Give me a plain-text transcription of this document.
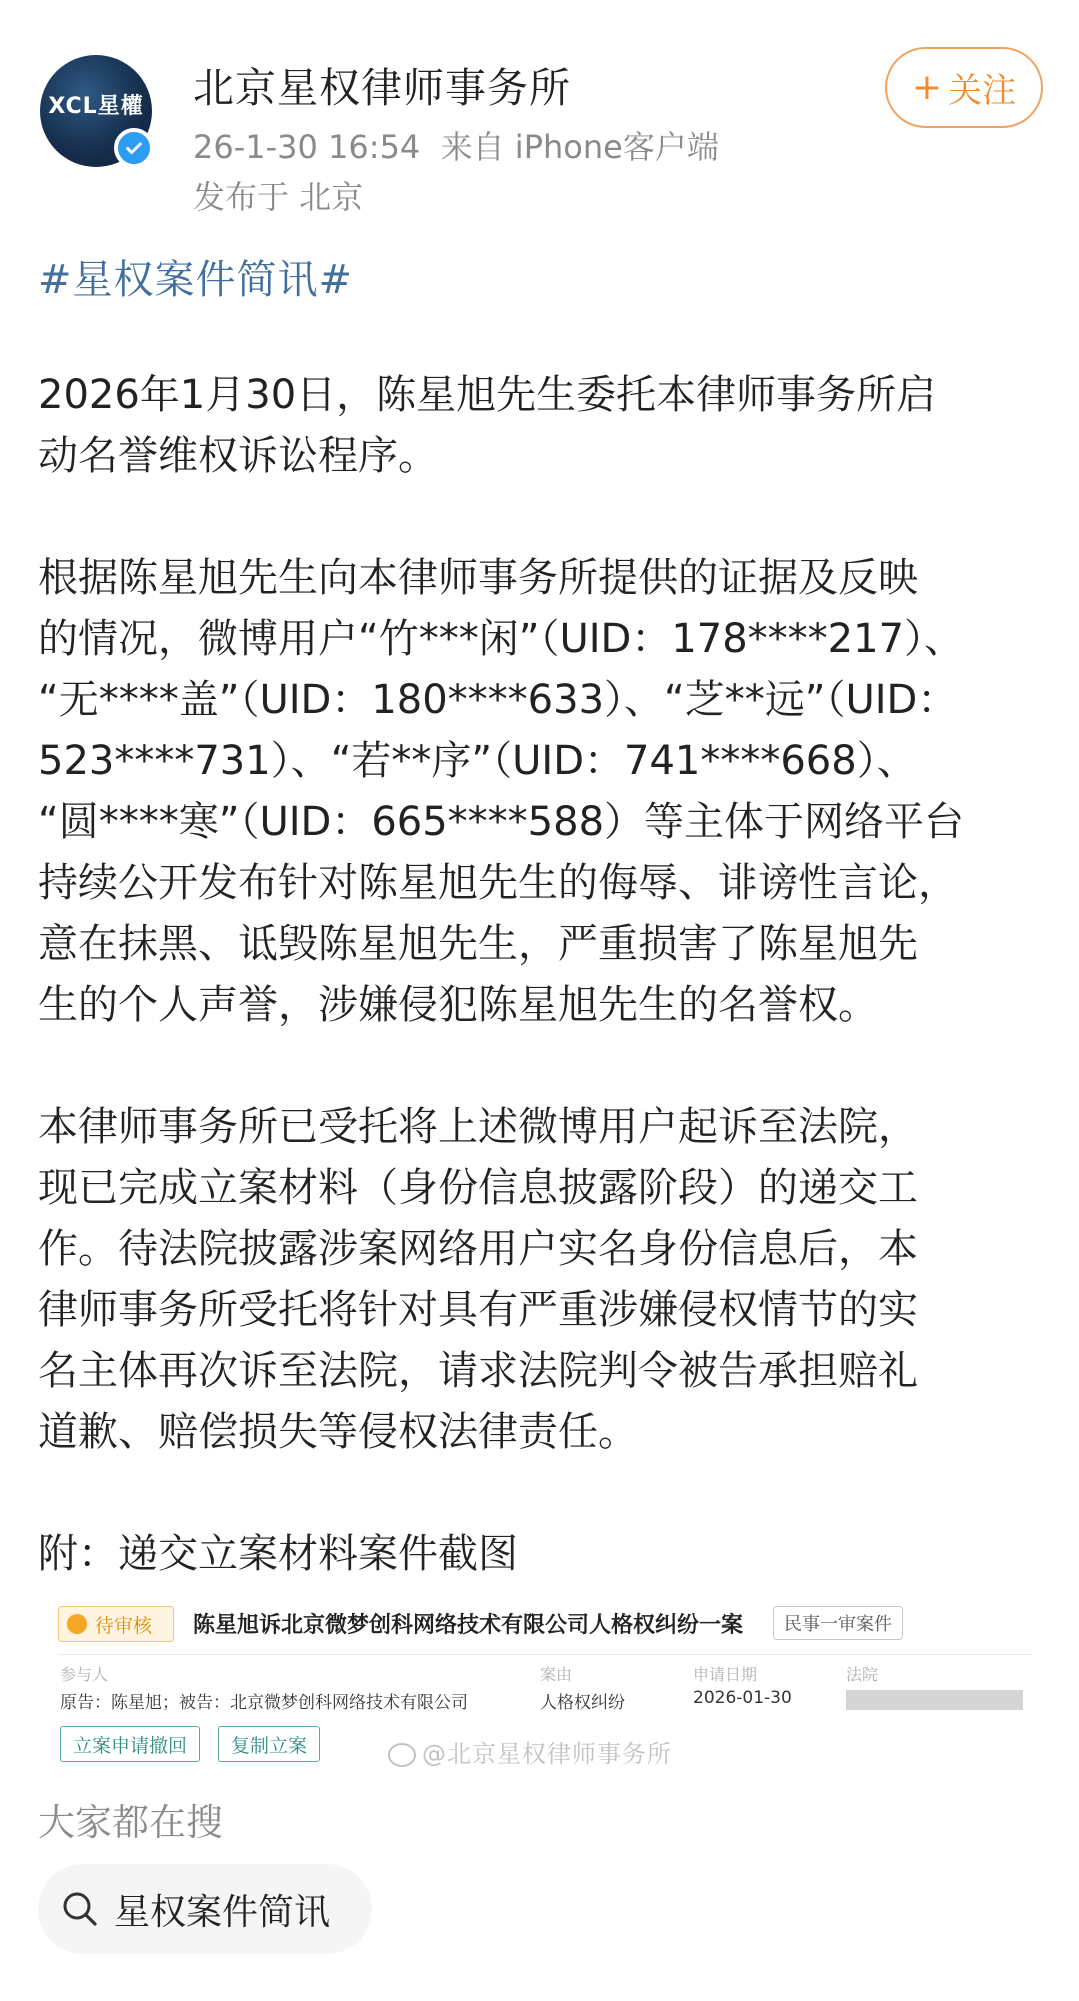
XCL星權 北京星权律师事务所
26-1-30 16:54 来自 iPhone客户端
发布于 北京
+ 关注
#星权案件简讯#

2026年1月30日，陈星旭先生委托本律师事务所启
动名誉维权诉讼程序。

根据陈星旭先生向本律师事务所提供的证据及反映
的情况，微博用户“竹***闲”（UID：178****217）、
“无****盖”（UID：180****633）、“芝**远”（UID：
523****731）、“若**序”（UID：741****668）、
“圆****寒”（UID：665****588）等主体于网络平台
持续公开发布针对陈星旭先生的侮辱、诽谤性言论，
意在抹黑、诋毁陈星旭先生，严重损害了陈星旭先
生的个人声誉，涉嫌侵犯陈星旭先生的名誉权。

本律师事务所已受托将上述微博用户起诉至法院，
现已完成立案材料（身份信息披露阶段）的递交工
作。待法院披露涉案网络用户实名身份信息后，本
律师事务所受托将针对具有严重涉嫌侵权情节的实
名主体再次诉至法院，请求法院判令被告承担赔礼
道歉、赔偿损失等侵权法律责任。

附：递交立案材料案件截图

待审核 陈星旭诉北京微梦创科网络技术有限公司人格权纠纷一案	民事一审案件
参与人
原告：陈星旭；被告：北京微梦创科网络技术有限公司
案由
人格权纠纷
申请日期
2026-01-30
法院
立案申请撤回	复制立案	@北京星权律师事务所
大家都在搜
星权案件简讯
